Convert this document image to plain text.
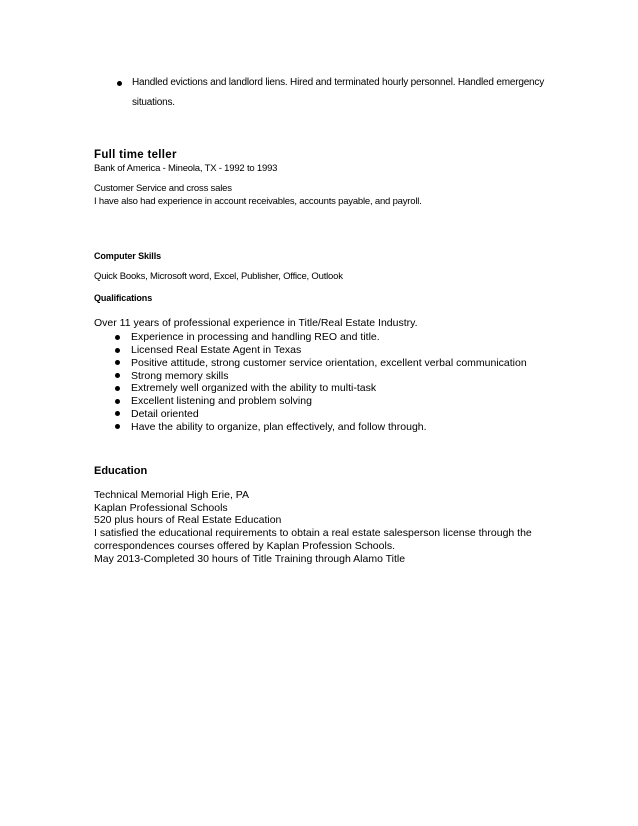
Handled evictions and landlord liens. Hired and terminated hourly personnel. Handled emergency situations.
Full time teller
Bank of America - Mineola, TX - 1992 to 1993
Customer Service and cross sales
I have also had experience in account receivables, accounts payable, and payroll.
Computer Skills
Quick Books, Microsoft word, Excel, Publisher, Office, Outlook
Qualifications
Over 11 years of professional experience in Title/Real Estate Industry.
Experience in processing and handling REO and title.
Licensed Real Estate Agent in Texas
Positive attitude, strong customer service orientation, excellent verbal communication
Strong memory skills
Extremely well organized with the ability to multi-task
Excellent listening and problem solving
Detail oriented
Have the ability to organize, plan effectively, and follow through.
Education
Technical Memorial High Erie, PA
Kaplan Professional Schools
520 plus hours of Real Estate Education
I satisfied the educational requirements to obtain a real estate salesperson license through the
correspondences courses offered by Kaplan Profession Schools.
May 2013-Completed 30 hours of Title Training through Alamo Title
